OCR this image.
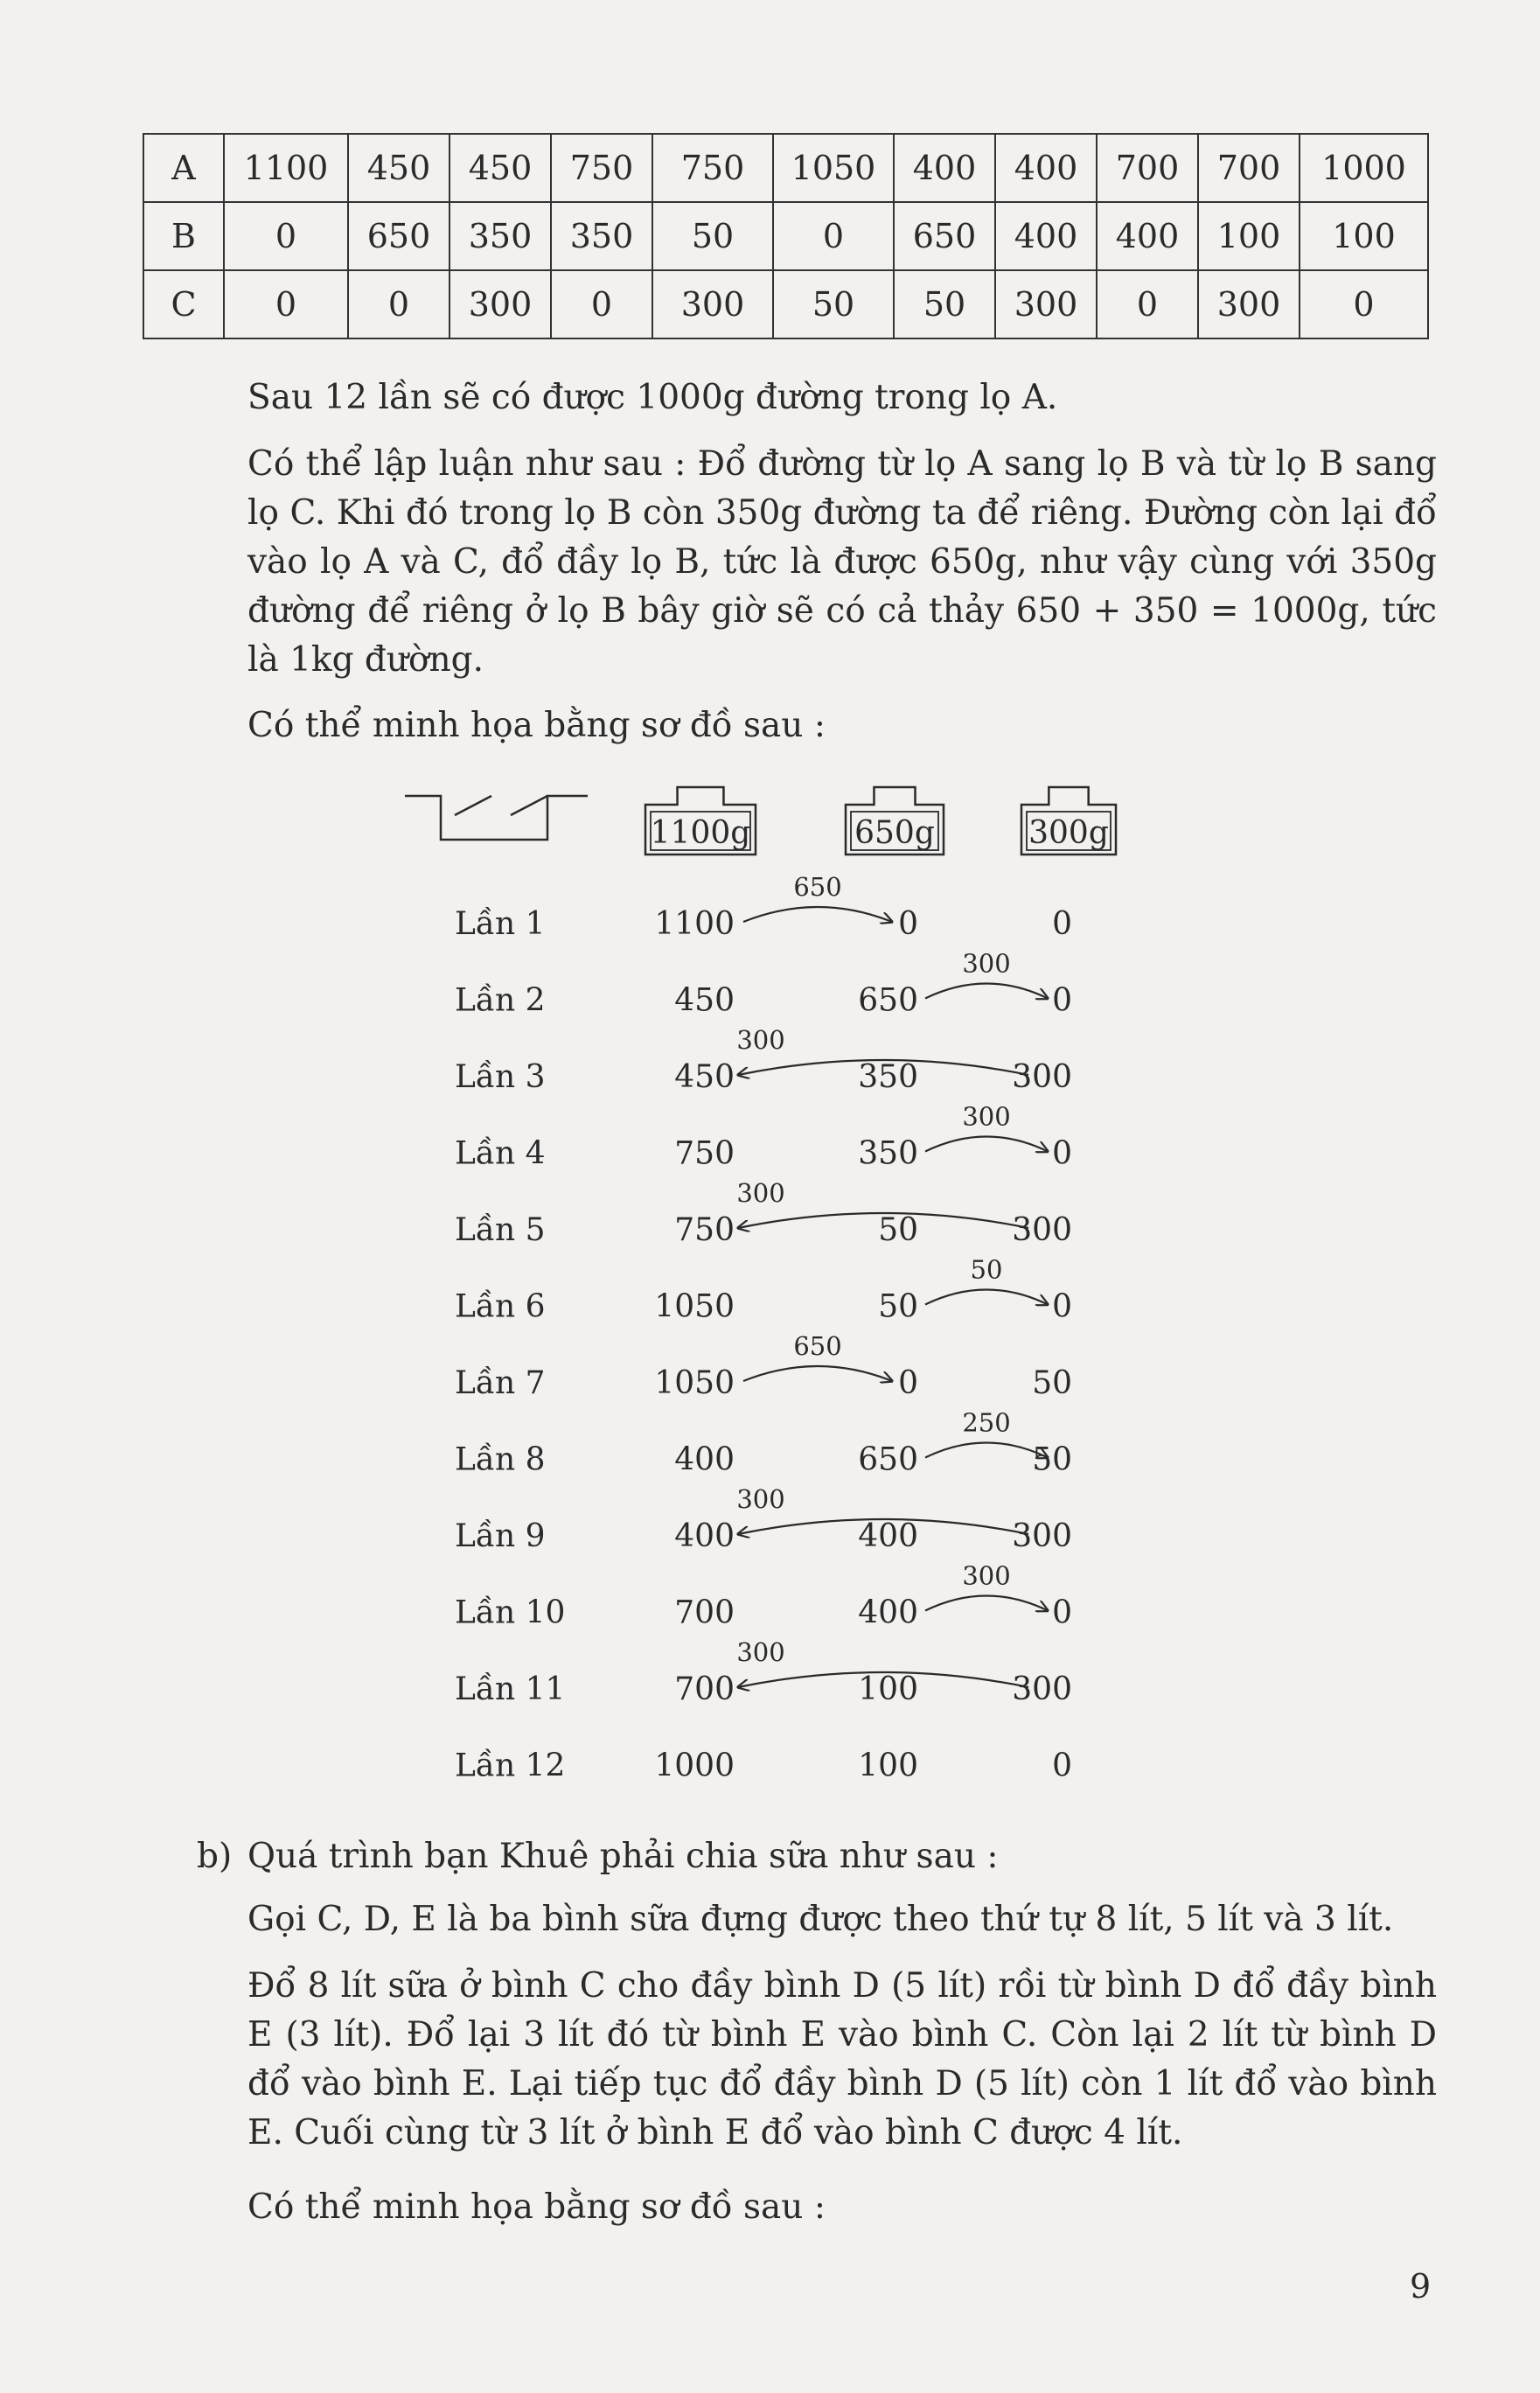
A	1100	450	450	750	750	1050	400	400	700	700	1000
B	0	650	350	350	50	0	650	400	400	100	100
C	0	0	300	0	300	50	50	300	0	300	0

Sau 12 lần sẽ có được 1000g đường trong lọ A.

Có thể lập luận như sau : Đổ đường từ lọ A sang lọ B và từ lọ B sang lọ C. Khi đó trong lọ B còn 350g đường ta để riêng. Đường còn lại đổ vào lọ A và C, đổ đầy lọ B, tức là được 650g, như vậy cùng với 350g đường để riêng ở lọ B bây giờ sẽ có cả thảy 650 + 350 = 1000g, tức là 1kg đường.

Có thể minh họa bằng sơ đồ sau :

1100g	650g	300g
Lần 1	1100	0	0
Lần 2	450	650	0
Lần 3	450	350	300
Lần 4	750	350	0
Lần 5	750	50	300
Lần 6	1050	50	0
Lần 7	1050	0	50
Lần 8	400	650	50
Lần 9	400	400	300
Lần 10	700	400	0
Lần 11	700	100	300
Lần 12	1000	100	0
650
300
300
300
300
50
650
250
300
300
300
b) Quá trình bạn Khuê phải chia sữa như sau :

Gọi C, D, E là ba bình sữa đựng được theo thứ tự 8 lít, 5 lít và 3 lít.

Đổ 8 lít sữa ở bình C cho đầy bình D (5 lít) rồi từ bình D đổ đầy bình E (3 lít). Đổ lại 3 lít đó từ bình E vào bình C. Còn lại 2 lít từ bình D đổ vào bình E. Lại tiếp tục đổ đầy bình D (5 lít) còn 1 lít đổ vào bình E. Cuối cùng từ 3 lít ở bình E đổ vào bình C được 4 lít.

Có thể minh họa bằng sơ đồ sau :

9
